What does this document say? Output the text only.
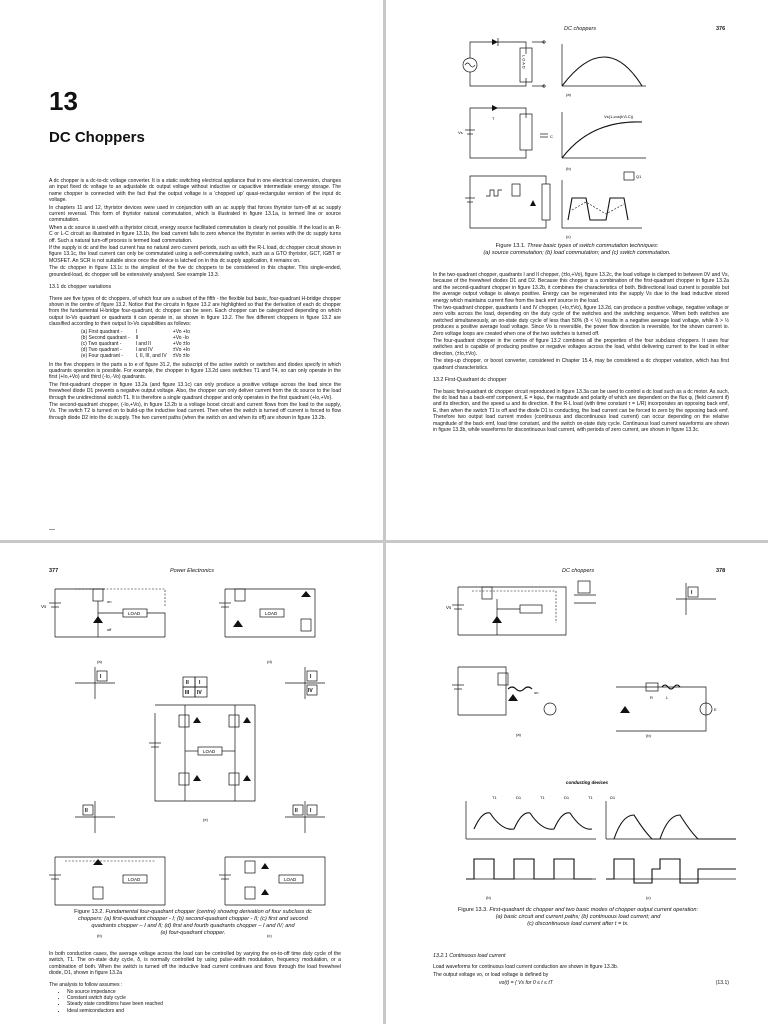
13
DC Choppers

A dc chopper is a dc-to-dc voltage converter. It is a static switching electrical appliance that in one electrical conversion, changes an input fixed dc voltage to an adjustable dc output voltage without inductive or capacitive intermediate energy storage. The name chopper is connected with the fact that the output voltage is a 'chopped up' quasi-rectangular version of the input dc voltage.

In chapters 11 and 12, thyristor devices were used in conjunction with an ac supply that forces thyristor turn-off at ac supply current reversal. This form of thyristor natural commutation, which is illustrated in figure 13.1a, is termed line or source commutation.

When a dc source is used with a thyristor circuit, energy source facilitated commutation is clearly not possible. If the load is an R-C or L-C circuit as illustrated in figure 13.1b, the load current falls to zero whence the thyristor in series with the dc supply turns off. Such a natural turn-off process is termed load commutation.

If the supply is dc and the load current has no natural zero current periods, such as with the R-L load, dc chopper circuit shown in figure 13.1c, the load current can only be commutated using a self-commutating switch, such as a GTO thyristor, GCT, IGBT or MOSFET. An SCR is not suitable since once the device is latched on in this dc supply application, it remains on.

The dc chopper in figure 13.1c is the simplest of the five dc choppers to be considered in this chapter. This single-ended, grounded-load, dc chopper will be extensively analysed. See example 13.3.

13.1 dc chopper variations

There are five types of dc choppers, of which four are a subset of the fifth - the flexible but basic, four-quadrant H-bridge chopper shown in the centre of figure 13.2. Notice that the circuits in figure 13.2 are highlighted so that the derivation of each dc chopper from the fundamental H-bridge four-quadrant, dc chopper can be seen. Each chopper can be categorized depending on which output Io-Vo quadrant or quadrants it can operate in, as shown in figure 13.2. The five different choppers in figure 13.2 are classified according to their output Io-Vo capabilities as follows:

(a) First quadrant -	I	+Vo +Io
(b) Second quadrant -	II	+Vo -Io
(c) Two quadrant -	I and II	+Vo ±Io
(d) Two quadrant -	I and IV	±Vo +Io
(e) Four quadrant -	I, II, III, and IV	±Vo ±Io

In the five choppers in the parts a to e of figure 31.2, the subscript of the active switch or switches and diodes specify in which quadrants operation is possible. For example, the chopper in figure 13.2d uses switches T1 and T4, so can only operate in the first (+Io,+Vo) and third (-Io,-Vo) quadrants.

The first-quadrant chopper in figure 13.2a (and figure 13.1c) can only produce a positive voltage across the load since the freewheel diode D1 prevents a negative output voltage. Also, the chopper can only deliver current from the dc source to the load through the unidirectional switch T1. It is therefore a single quadrant chopper and only operates in the first quadrant (+Io,+Vo).

The second-quadrant chopper, (-Io,+Vo), in figure 13.2b is a voltage boost circuit and current flows from the load to the supply, Vs. The switch T2 is turned on to build-up the inductive load current. Then when the switch is turned off current is forced to flow through diode D2 into the dc supply. The two current paths (when the switch on and when its off) are shown in figure 13.2b.

—
DC choppers	376
L O A D
(a)
Vs
T
C
Vs(1-cos(t/√LC))
(b)
Q1
(c)
Figure 13.1. Three basic types of switch commutation techniques:
(a) source commutation; (b) load commutation; and (c) switch commutation.

In the two-quadrant chopper, quadrants I and II chopper, (±Io,+Vo), figure 13.2c, the load voltage is clamped to between 0V and Vs, because of the freewheel diodes D1 and D2. Because this chopper is a combination of the first-quadrant chopper in figure 13.2a and the second-quadrant chopper in figure 13.2b, it combines the characteristics of both. Bidirectional load current is possible but the average output voltage is always positive. Energy can be regenerated into the supply Vs due to the load inductive stored energy which maintains current flow from the back emf source in the load.

The two-quadrant chopper, quadrants I and IV chopper, (+Io,±Vo), figure 13.2d, can produce a positive voltage, negative voltage or zero volts across the load, depending on the duty cycle of the switches and the switching sequence. When both switches are switched simultaneously, an on-state duty cycle of less than 50% (δ < ½) results in a negative average load voltage, while δ > ½ produces a positive average load voltage. Since Vo is reversible, the power flow direction is reversible, for the shown current io. Zero voltage loops are created when one of the two switches is turned off.

The four-quadrant chopper in the centre of figure 13.2 combines all the properties of the four subclass choppers. It uses four switches and is capable of producing positive or negative voltages across the load, whilst delivering current to the load in either direction, (±Io,±Vo).

The step-up chopper, or boost converter, considered in Chapter 15.4, may be considered a dc chopper variation, which has first quadrant characteristics.

13.2 First-Quadrant dc chopper

The basic first-quadrant dc chopper circuit reproduced in figure 13.3a can be used to control a dc load such as a dc motor. As such, the dc load has a back-emf component, E = kφω, the magnitude and polarity of which are dependent on the flux φ, (field current if) and its direction, and the speed ω and its direction. If the R-L load (with time constant τ = L/R) incorporates an opposing back emf, E, then when the switch T1 is off and the diode D1 is conducting, the load current can be forced to zero by the opposing back emf. Therefore two output load current modes (continuous and discontinuous load current) can occur depending on the relative magnitude of the back emf, load time constant, and the switch on-state duty cycle. Continuous load current waveforms are shown in figure 13.3b, while waveforms for discontinuous load current, with periods of zero current, are shown in figure 13.3c.

377	Power Electronics
Vs
LOAD
off
on
(a)
LOAD
(d)
I	I
IV
II I
III IV
LOAD
(e)
II	II I
LOAD
(b)
LOAD
(c)
Figure 13.2. Fundamental four-quadrant chopper (centre) showing derivation of four subclass dc
choppers: (a) first-quadrant chopper - I; (b) second-quadrant chopper - II; (c) first and second
quadrants chopper – I and II; (d) first and fourth quadrants chopper – I and IV; and
(e) four-quadrant chopper.

In both conduction cases, the average voltage across the load can be controlled by varying the on-to-off time duty cycle of the switch, T1. The on-state duty cycle, δ, is normally controlled by using pulse-width modulation, frequency modulation, or a combination of both. When the switch is turned off the inductive load current continues and flows through the load freewheel diode, D1, shown in figure 13.2a

The analysis to follow assumes :

• No source impedance
• Constant switch duty cycle
• Steady state conditions have been reached
• Ideal semiconductors and
DC choppers	378
Vs
I
on
(a)
R	L
E
(b)
conducting devices
T1	D1	T1	D1	T1	D1
(b)	(c)
Figure 13.3. First-quadrant dc chopper and two basic modes of chopper output current operation:
(a) basic circuit and current paths; (b) continuous load current; and
(c) discontinuous load current after t = tx.

13.2.1 Continuous load current

Load waveforms for continuous load current conduction are shown in figure 13.3b.

The output voltage vo, or load voltage is defined by

vo(t) = { Vs for 0 ≤ t ≤ tT	(13.1)
